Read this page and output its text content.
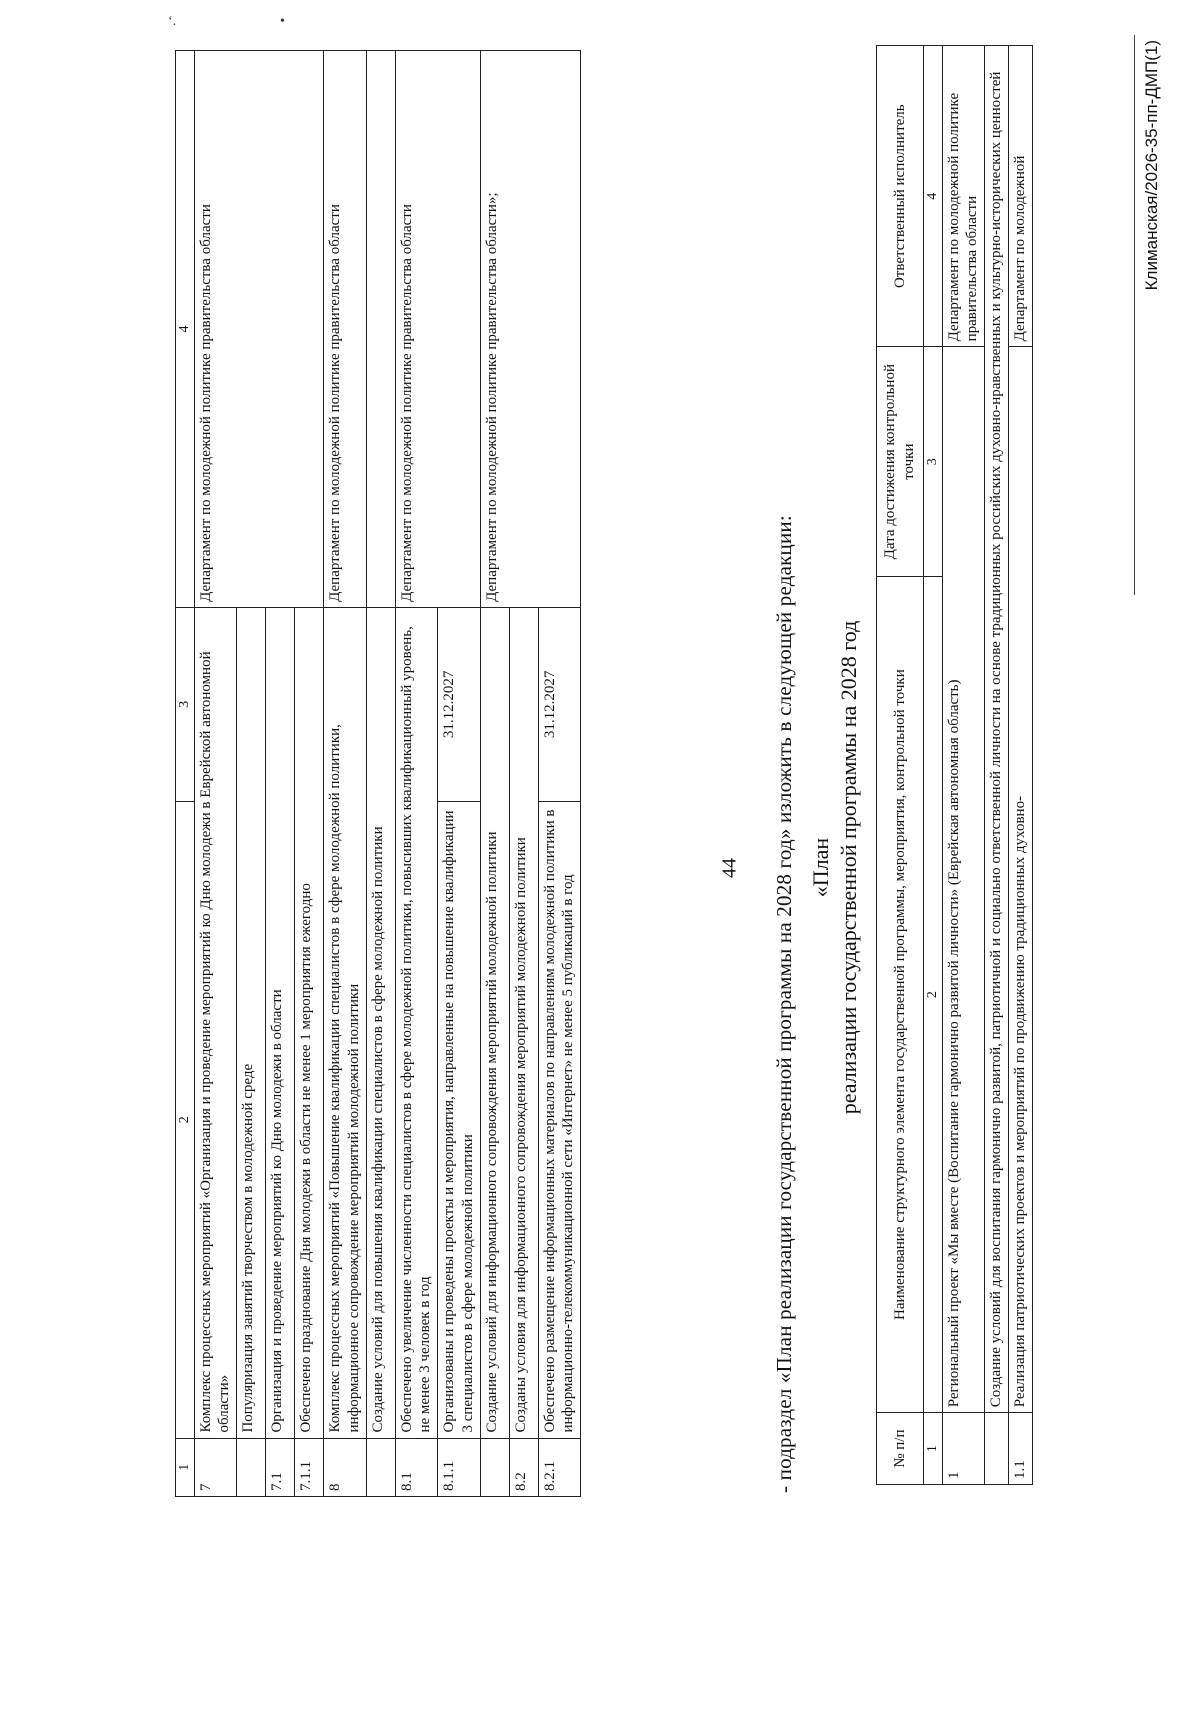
‘.	•
44
1	2	3	4
7	Комплекс процессных мероприятий «Организация и проведение мероприятий ко Дню молодежи в Еврейской автономной области»		Департамент по молодежной политике правительства области
	Популяризация занятий творчеством в молодежной среде		
7.1	Организация и проведение мероприятий ко Дню молодежи в области		
7.1.1	Обеспечено празднование Дня молодежи в области не менее 1 мероприятия ежегодно		
8	Комплекс процессных мероприятий «Повышение квалификации специалистов в сфере молодежной политики, информационное сопровождение мероприятий молодежной политики		Департамент по молодежной политике правительства области
	Создание условий для повышения квалификации специалистов в сфере молодежной политики		
8.1	Обеспечено увеличение численности специалистов в сфере молодежной политики, повысивших квалификационный уровень, не менее 3 человек в год		Департамент по молодежной политике правительства области
8.1.1	Организованы и проведены проекты и мероприятия, направленные на повышение квалификации 3 специалистов в сфере молодежной политики	31.12.2027	
	Создание условий для информационного сопровождения мероприятий молодежной политики		Департамент по молодежной политике правительства области»;
8.2	Созданы условия для информационного сопровождения мероприятий молодежной политики		
8.2.1	Обеспечено размещение информационных материалов по направлениям молодежной политики в информационно-телекоммуникационной сети «Интернет» не менее 5 публикаций в год	31.12.2027		- подраздел «План реализации государственной программы на 2028 год» изложить в следующей редакции: «План реализации государственной программы на 2028 год
№ п/п	Наименование структурного элемента государственной программы, мероприятия, контрольной точки	Дата достижения контрольной точки	Ответственный исполнитель
1	2	3	4
1	Региональный проект «Мы вместе (Воспитание гармонично развитой личности» (Еврейская автономная область)		Департамент по молодежной политике правительства области
	Создание условий для воспитания гармонично развитой, патриотичной и социально ответственной личности на основе традиционных российских духовно-нравственных и культурно-исторических ценностей		
1.1	Реализация патриотических проектов и мероприятий по продвижению традиционных духовно-		Департамент по молодежной	Климанская/2026-35-пп-ДМП(1)
